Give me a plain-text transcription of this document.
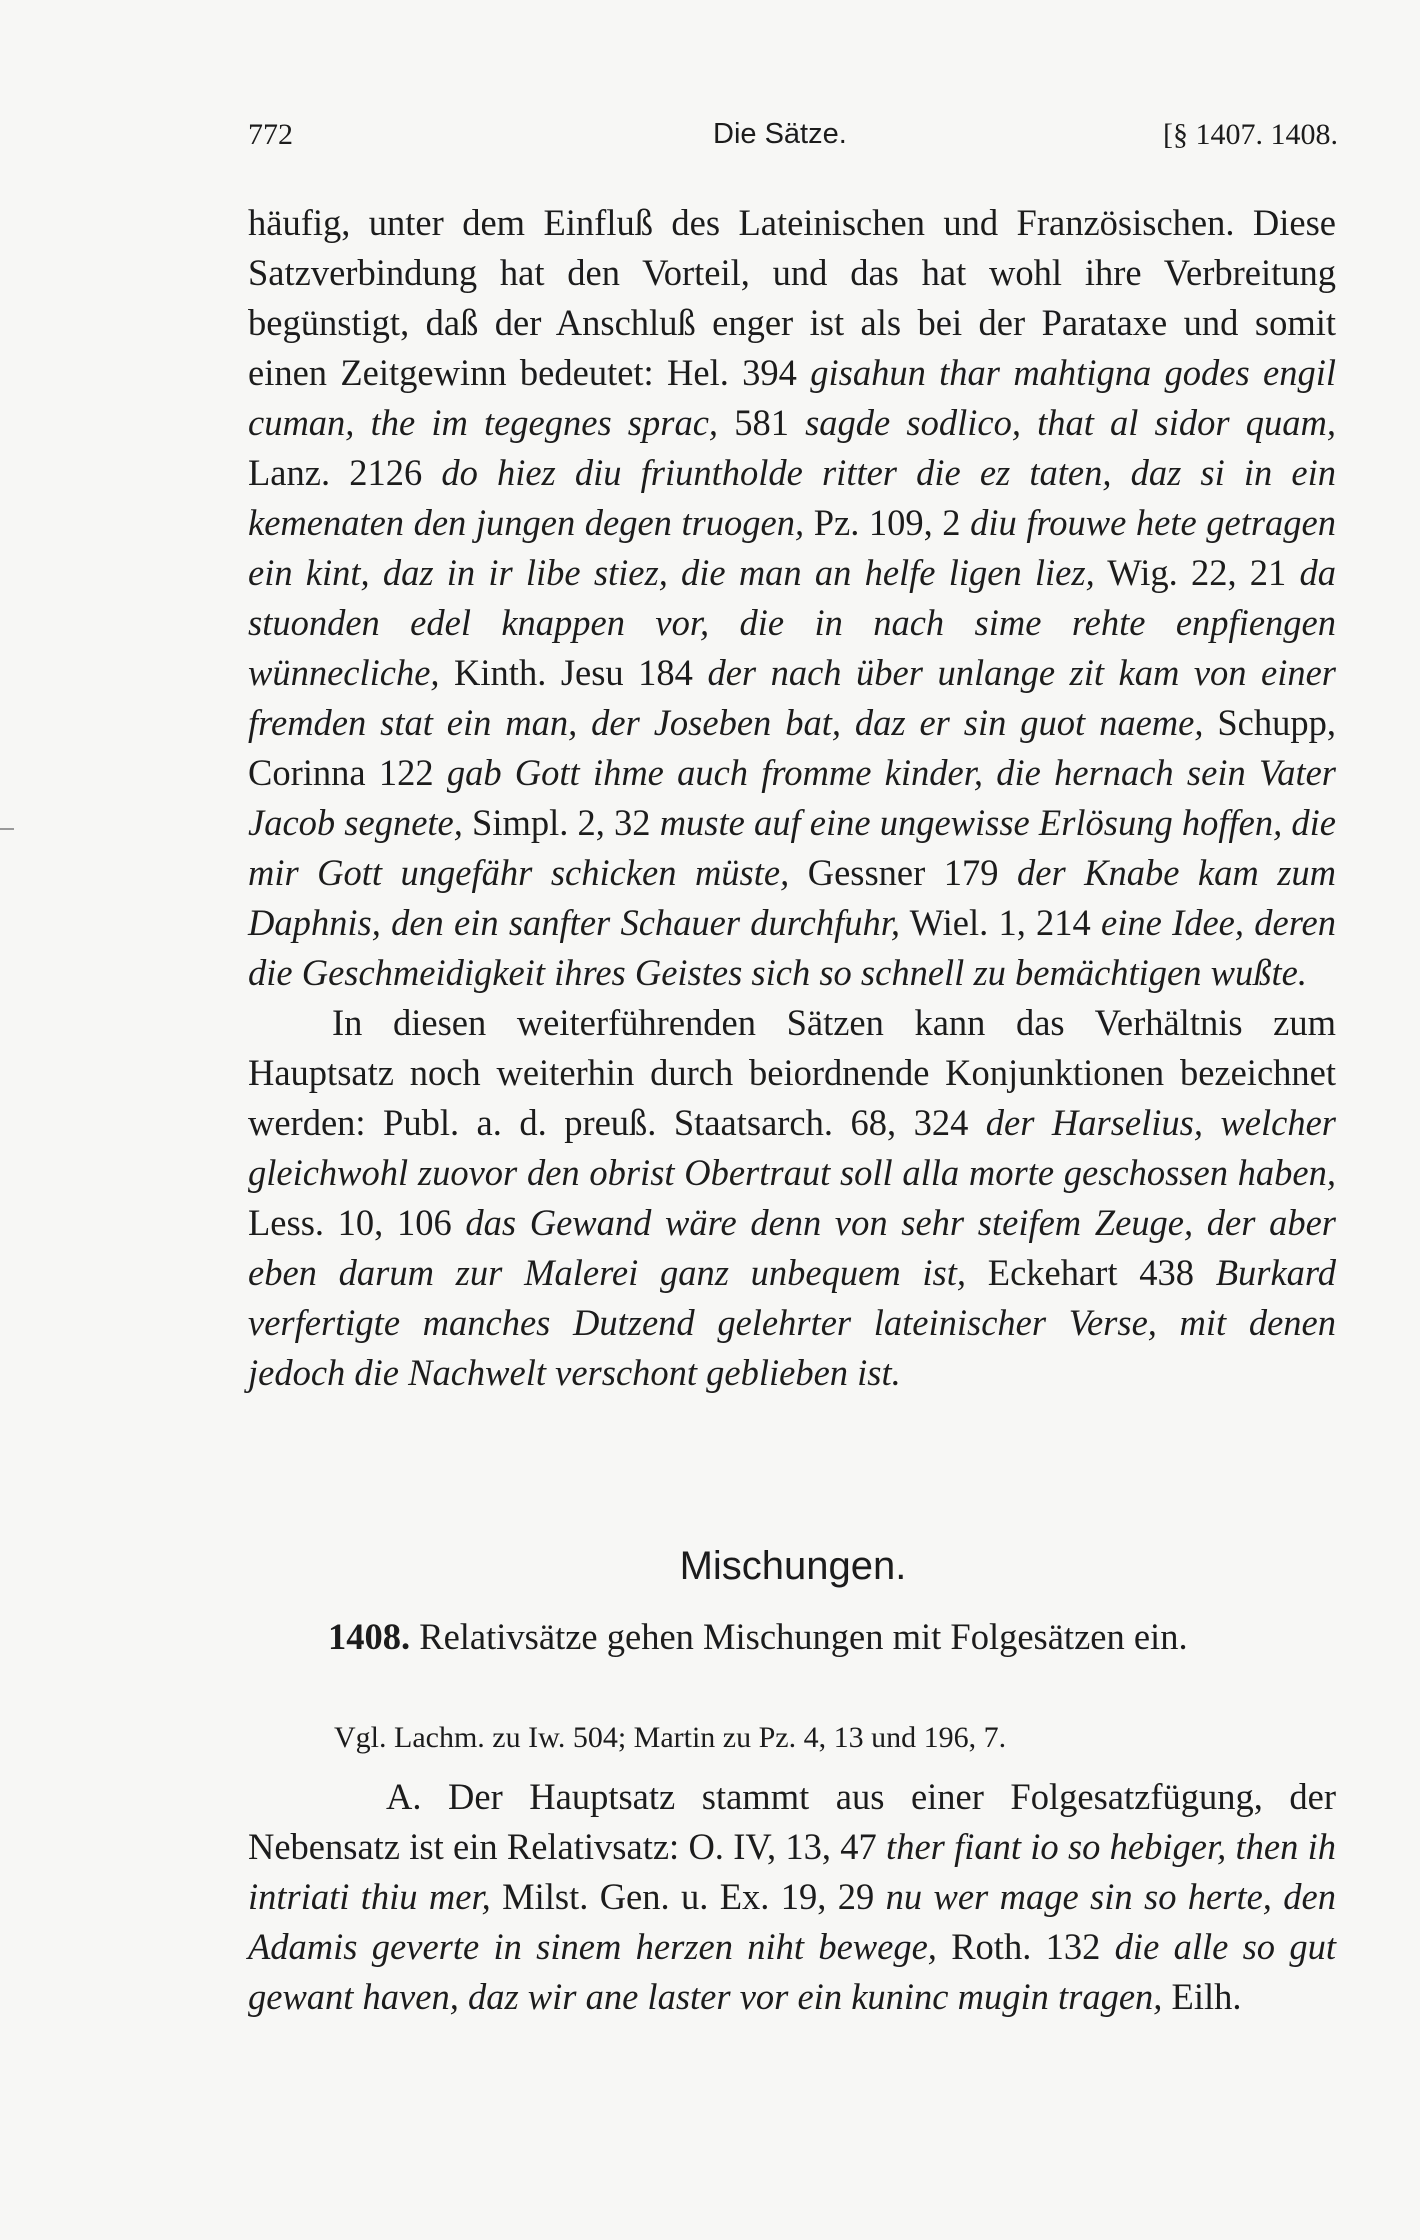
772	Die Sätze.	[§ 1407. 1408.

häufig, unter dem Einfluß des Lateinischen und Französischen. Diese Satzverbindung hat den Vorteil, und das hat wohl ihre Verbreitung begünstigt, daß der Anschluß enger ist als bei der Parataxe und somit einen Zeitgewinn bedeutet: Hel. 394 gisahun thar mahtigna godes engil cuman, the im tegegnes sprac, 581 sagde sodlico, that al sidor quam, Lanz. 2126 do hiez diu friuntholde ritter die ez taten, daz si in ein kemenaten den jungen degen truogen, Pz. 109, 2 diu frouwe hete getragen ein kint, daz in ir libe stiez, die man an helfe ligen liez, Wig. 22, 21 da stuonden edel knappen vor, die in nach sime rehte enpfiengen wünnecliche, Kinth. Jesu 184 der nach über unlange zit kam von einer fremden stat ein man, der Joseben bat, daz er sin guot naeme, Schupp, Corinna 122 gab Gott ihme auch fromme kinder, die hernach sein Vater Jacob segnete, Simpl. 2, 32 muste auf eine ungewisse Erlösung hoffen, die mir Gott ungefähr schicken müste, Gessner 179 der Knabe kam zum Daphnis, den ein sanfter Schauer durchfuhr, Wiel. 1, 214 eine Idee, deren die Geschmeidigkeit ihres Geistes sich so schnell zu bemächtigen wußte.

In diesen weiterführenden Sätzen kann das Verhältnis zum Hauptsatz noch weiterhin durch beiordnende Konjunktionen bezeichnet werden: Publ. a. d. preuß. Staatsarch. 68, 324 der Harselius, welcher gleichwohl zuovor den obrist Obertraut soll alla morte geschossen haben, Less. 10, 106 das Gewand wäre denn von sehr steifem Zeuge, der aber eben darum zur Malerei ganz unbequem ist, Eckehart 438 Burkard verfertigte manches Dutzend gelehrter lateinischer Verse, mit denen jedoch die Nachwelt verschont geblieben ist.

Mischungen.

1408. Relativsätze gehen Mischungen mit Folgesätzen ein.

Vgl. Lachm. zu Iw. 504; Martin zu Pz. 4, 13 und 196, 7.

A. Der Hauptsatz stammt aus einer Folgesatzfügung, der Nebensatz ist ein Relativsatz: O. IV, 13, 47 ther fiant io so hebiger, then ih intriati thiu mer, Milst. Gen. u. Ex. 19, 29 nu wer mage sin so herte, den Adamis geverte in sinem herzen niht bewege, Roth. 132 die alle so gut gewant haven, daz wir ane laster vor ein kuninc mugin tragen, Eilh.
